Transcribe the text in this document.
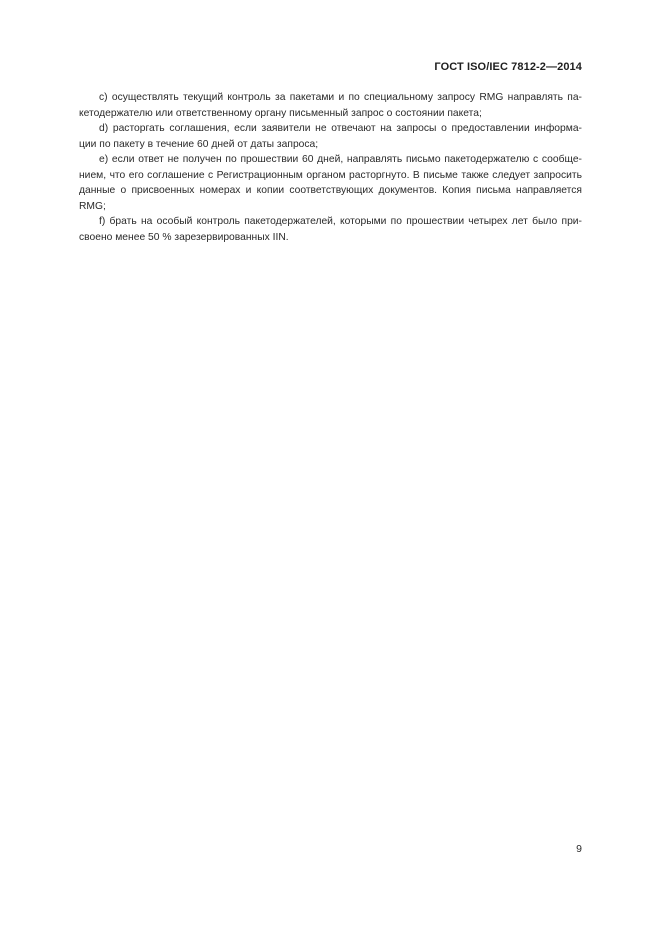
ГОСТ ISO/IEC 7812-2—2014
c) осуществлять текущий контроль за пакетами и по специальному запросу RMG направлять па-
кетодержателю или ответственному органу письменный запрос о состоянии пакета;
d) расторгать соглашения, если заявители не отвечают на запросы о предоставлении информа-
ции по пакету в течение 60 дней от даты запроса;
e) если ответ не получен по прошествии 60 дней, направлять письмо пакетодержателю с сообще-
нием, что его соглашение с Регистрационным органом расторгнуто. В письме также следует запросить
данные о присвоенных номерах и копии соответствующих документов. Копия письма направляется
RMG;
f) брать на особый контроль пакетодержателей, которыми по прошествии четырех лет было при-
своено менее 50 % зарезервированных IIN.
9
